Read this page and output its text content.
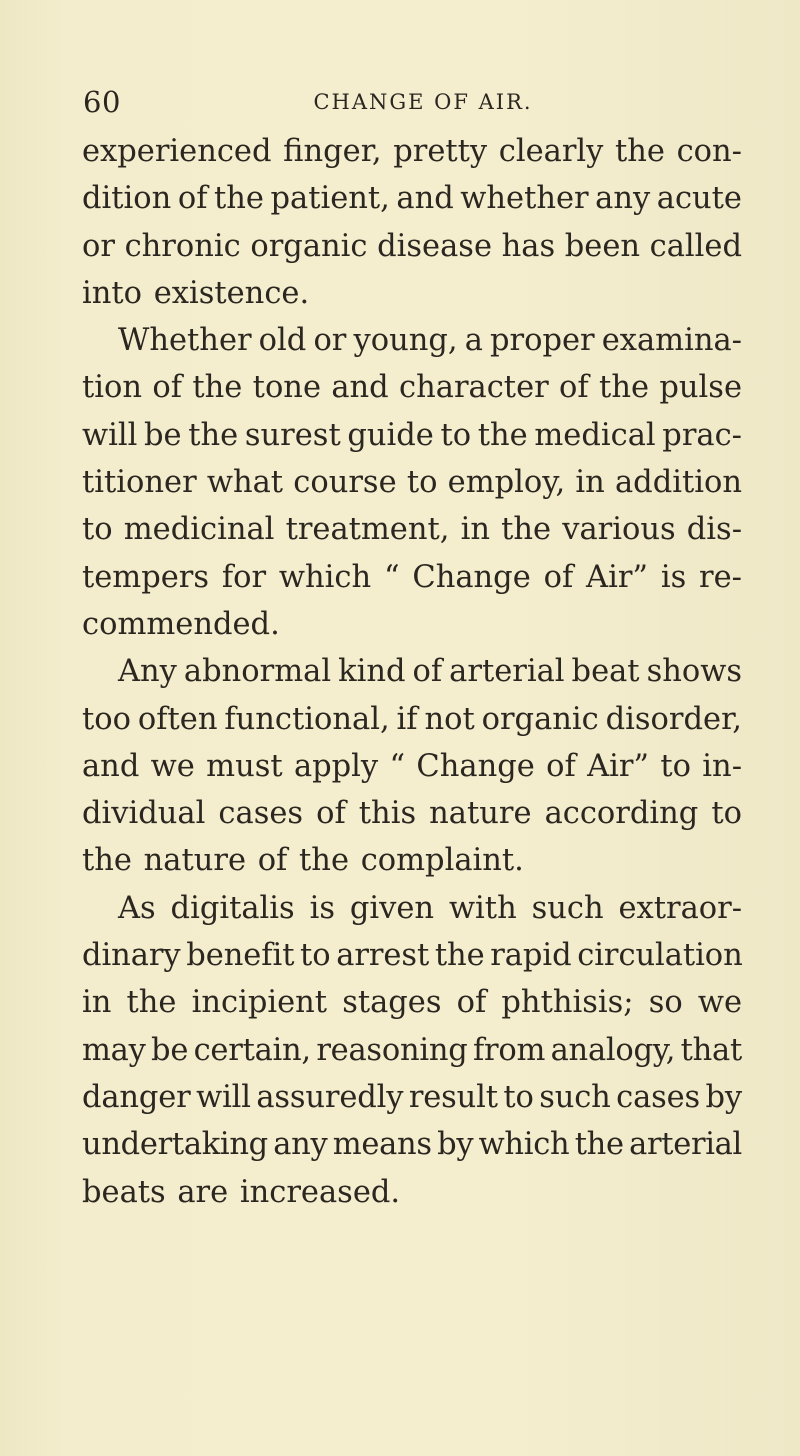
60	CHANGE OF AIR.
experienced finger, pretty clearly the con-
dition of the patient, and whether any acute
or chronic organic disease has been called
into existence.
Whether old or young, a proper examina-
tion of the tone and character of the pulse
will be the surest guide to the medical prac-
titioner what course to employ, in addition
to medicinal treatment, in the various dis-
tempers for which “ Change of Air” is re-
commended.
Any abnormal kind of arterial beat shows
too often functional, if not organic disorder,
and we must apply “ Change of Air” to in-
dividual cases of this nature according to
the nature of the complaint.
As digitalis is given with such extraor-
dinary benefit to arrest the rapid circulation
in the incipient stages of phthisis; so we
may be certain, reasoning from analogy, that
danger will assuredly result to such cases by
undertaking any means by which the arterial
beats are increased.
